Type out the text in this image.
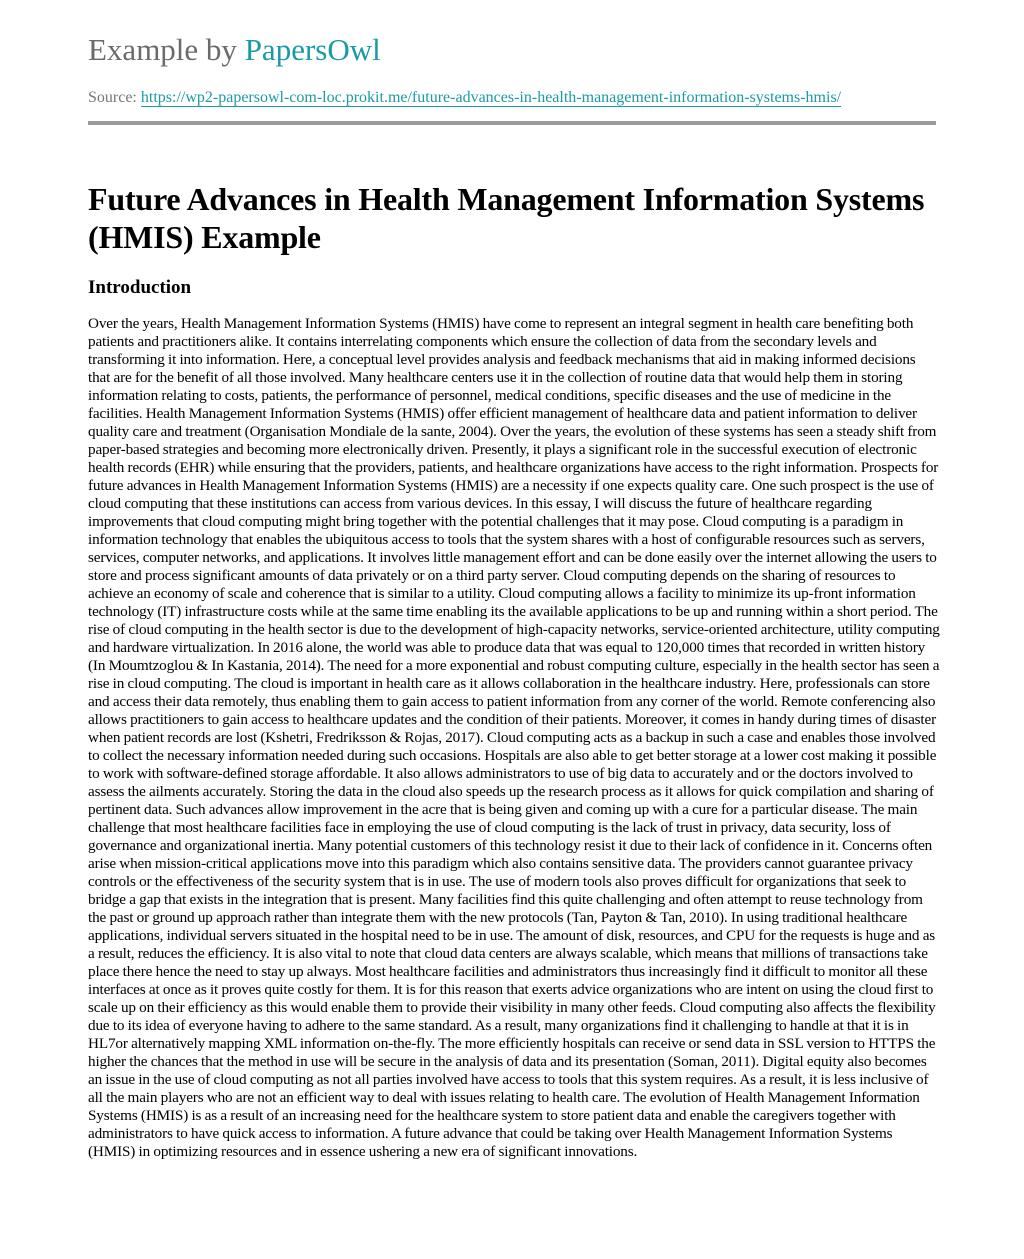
Example by PapersOwl
Source: https://wp2-papersowl-com-loc.prokit.me/future-advances-in-health-management-information-systems-hmis/
Future Advances in Health Management Information Systems (HMIS) Example
Introduction

Over the years, Health Management Information Systems (HMIS) have come to represent an integral segment in health care benefiting both patients and practitioners alike. It contains interrelating components which ensure the collection of data from the secondary levels and transforming it into information. Here, a conceptual level provides analysis and feedback mechanisms that aid in making informed decisions that are for the benefit of all those involved. Many healthcare centers use it in the collection of routine data that would help them in storing information relating to costs, patients, the performance of personnel, medical conditions, specific diseases and the use of medicine in the facilities. Health Management Information Systems (HMIS) offer efficient management of healthcare data and patient information to deliver quality care and treatment (Organisation Mondiale de la sante, 2004). Over the years, the evolution of these systems has seen a steady shift from paper-based strategies and becoming more electronically driven. Presently, it plays a significant role in the successful execution of electronic health records (EHR) while ensuring that the providers, patients, and healthcare organizations have access to the right information. Prospects for future advances in Health Management Information Systems (HMIS) are a necessity if one expects quality care. One such prospect is the use of cloud computing that these institutions can access from various devices. In this essay, I will discuss the future of healthcare regarding improvements that cloud computing might bring together with the potential challenges that it may pose. Cloud computing is a paradigm in information technology that enables the ubiquitous access to tools that the system shares with a host of configurable resources such as servers, services, computer networks, and applications. It involves little management effort and can be done easily over the internet allowing the users to store and process significant amounts of data privately or on a third party server. Cloud computing depends on the sharing of resources to achieve an economy of scale and coherence that is similar to a utility. Cloud computing allows a facility to minimize its up-front information technology (IT) infrastructure costs while at the same time enabling its the available applications to be up and running within a short period. The rise of cloud computing in the health sector is due to the development of high-capacity networks, service-oriented architecture, utility computing and hardware virtualization. In 2016 alone, the world was able to produce data that was equal to 120,000 times that recorded in written history (In Moumtzoglou & In Kastania, 2014). The need for a more exponential and robust computing culture, especially in the health sector has seen a rise in cloud computing. The cloud is important in health care as it allows collaboration in the healthcare industry. Here, professionals can store and access their data remotely, thus enabling them to gain access to patient information from any corner of the world. Remote conferencing also allows practitioners to gain access to healthcare updates and the condition of their patients. Moreover, it comes in handy during times of disaster when patient records are lost (Kshetri, Fredriksson & Rojas, 2017). Cloud computing acts as a backup in such a case and enables those involved to collect the necessary information needed during such occasions. Hospitals are also able to get better storage at a lower cost making it possible to work with software-defined storage affordable. It also allows administrators to use of big data to accurately and or the doctors involved to assess the ailments accurately. Storing the data in the cloud also speeds up the research process as it allows for quick compilation and sharing of pertinent data. Such advances allow improvement in the acre that is being given and coming up with a cure for a particular disease. The main challenge that most healthcare facilities face in employing the use of cloud computing is the lack of trust in privacy, data security, loss of governance and organizational inertia. Many potential customers of this technology resist it due to their lack of confidence in it. Concerns often arise when mission-critical applications move into this paradigm which also contains sensitive data. The providers cannot guarantee privacy controls or the effectiveness of the security system that is in use. The use of modern tools also proves difficult for organizations that seek to bridge a gap that exists in the integration that is present. Many facilities find this quite challenging and often attempt to reuse technology from the past or ground up approach rather than integrate them with the new protocols (Tan, Payton & Tan, 2010). In using traditional healthcare applications, individual servers situated in the hospital need to be in use. The amount of disk, resources, and CPU for the requests is huge and as a result, reduces the efficiency. It is also vital to note that cloud data centers are always scalable, which means that millions of transactions take place there hence the need to stay up always. Most healthcare facilities and administrators thus increasingly find it difficult to monitor all these interfaces at once as it proves quite costly for them. It is for this reason that exerts advice organizations who are intent on using the cloud first to scale up on their efficiency as this would enable them to provide their visibility in many other feeds. Cloud computing also affects the flexibility due to its idea of everyone having to adhere to the same standard. As a result, many organizations find it challenging to handle at that it is in HL7or alternatively mapping XML information on-the-fly. The more efficiently hospitals can receive or send data in SSL version to HTTPS the higher the chances that the method in use will be secure in the analysis of data and its presentation (Soman, 2011). Digital equity also becomes an issue in the use of cloud computing as not all parties involved have access to tools that this system requires. As a result, it is less inclusive of all the main players who are not an efficient way to deal with issues relating to health care. The evolution of Health Management Information Systems (HMIS) is as a result of an increasing need for the healthcare system to store patient data and enable the caregivers together with administrators to have quick access to information. A future advance that could be taking over Health Management Information Systems (HMIS) in optimizing resources and in essence ushering a new era of significant innovations.
